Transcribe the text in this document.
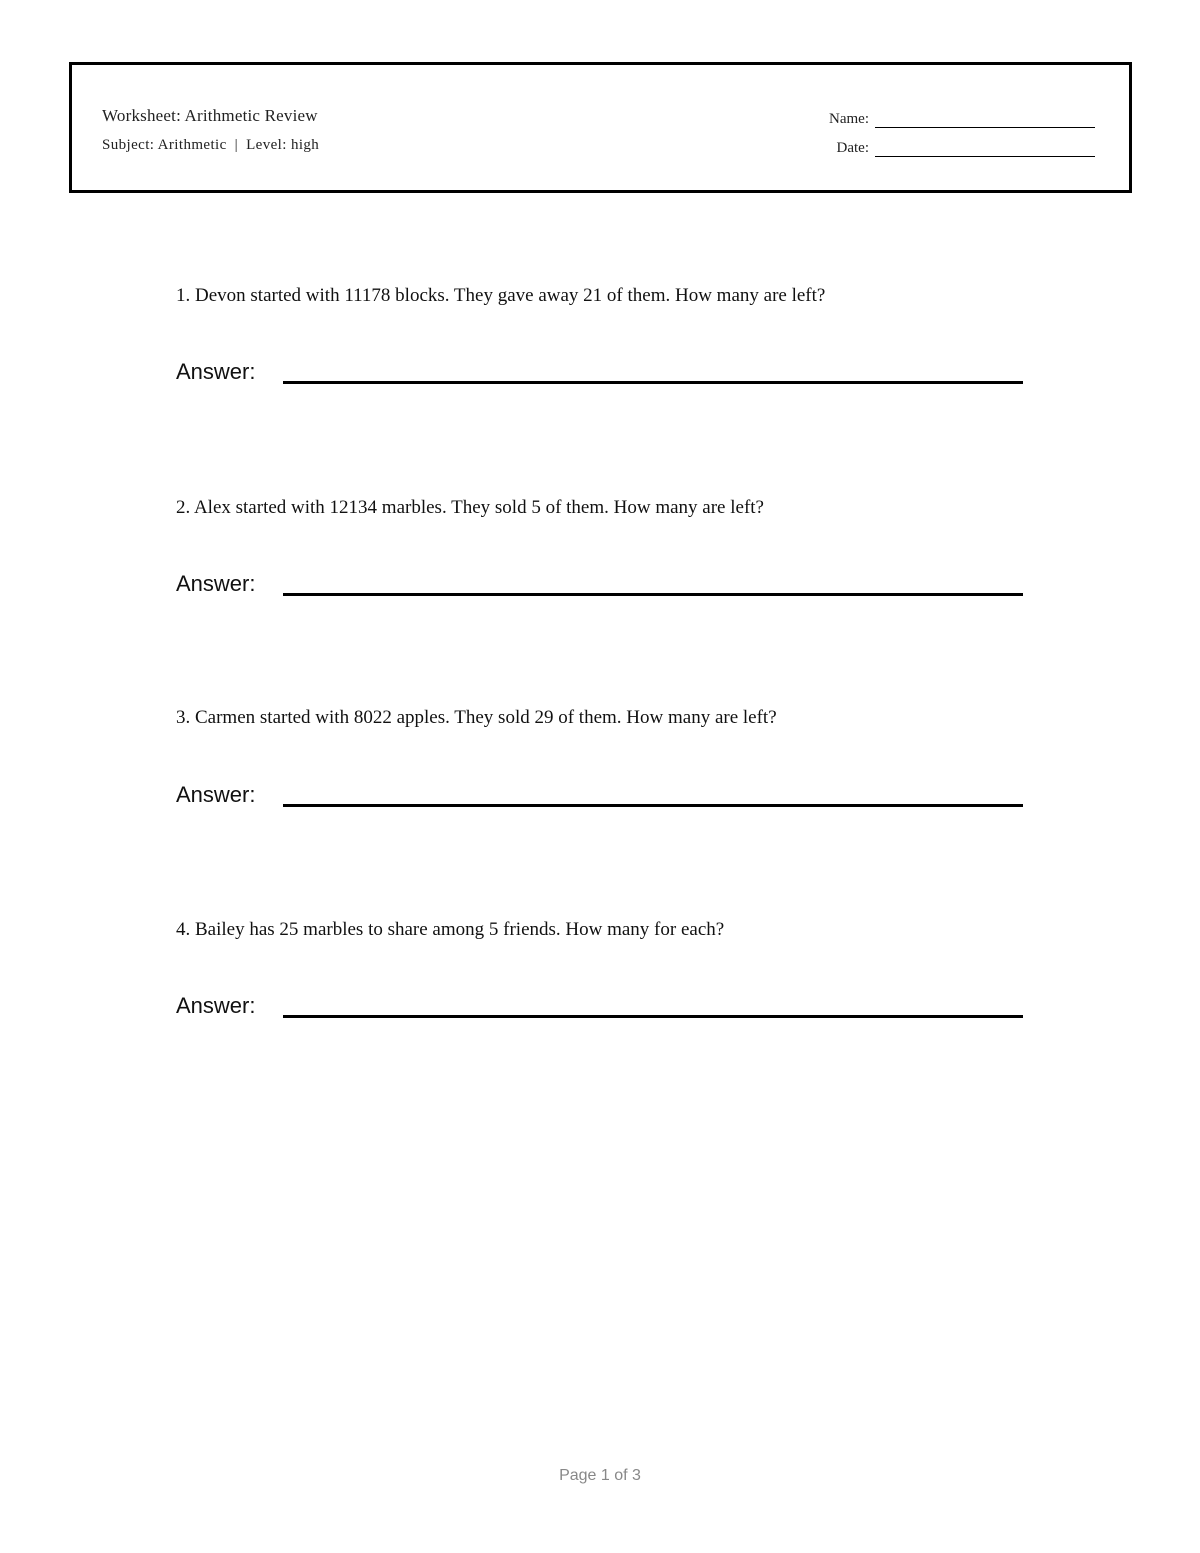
Worksheet: Arithmetic Review
Subject: Arithmetic | Level: high
Name:
Date:
1. Devon started with 11178 blocks. They gave away 21 of them. How many are left?
Answer:
2. Alex started with 12134 marbles. They sold 5 of them. How many are left?
Answer:
3. Carmen started with 8022 apples. They sold 29 of them. How many are left?
Answer:
4. Bailey has 25 marbles to share among 5 friends. How many for each?
Answer:
Page 1 of 3
